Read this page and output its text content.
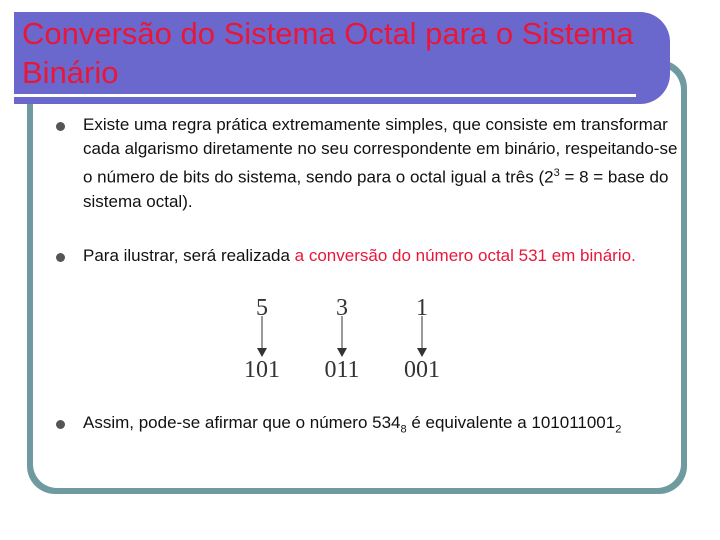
Conversão do Sistema Octal para o Sistema Binário
Existe uma regra prática extremamente simples, que consiste em transformar cada algarismo diretamente no seu correspondente em binário, respeitando-se o número de bits do sistema, sendo para o octal igual a três ($2^3 = 8$ = base do sistema octal).
Para ilustrar, será realizada a conversão do número octal 531 em binário.
5
101
3
011
1
001
Assim, pode-se afirmar que o número $534_8$ é equivalente a $101011001_2$
